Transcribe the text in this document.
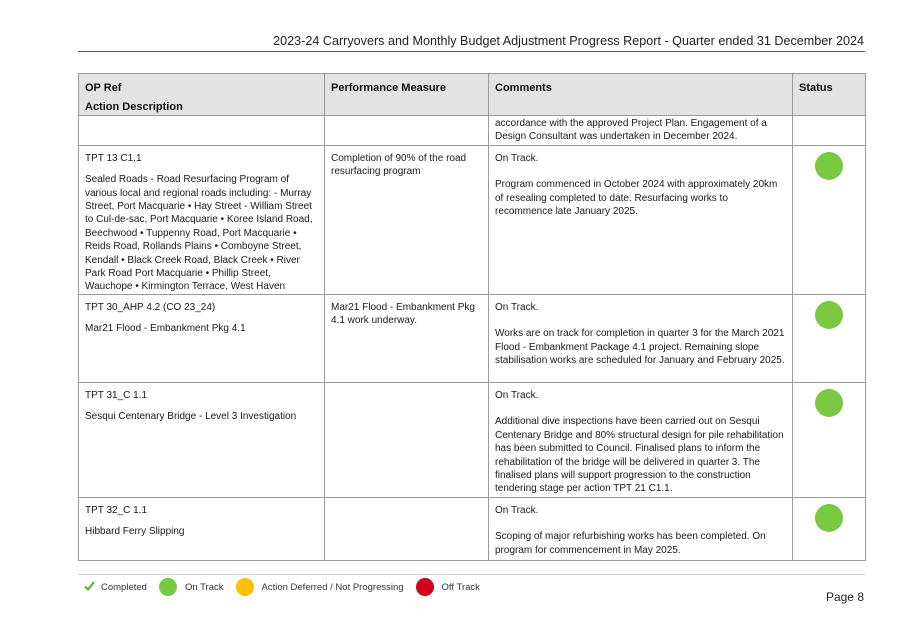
2023-24 Carryovers and Monthly Budget Adjustment Progress Report - Quarter ended 31 December 2024
OP Ref
Action Description	Performance Measure	Comments	Status
		accordance with the approved Project Plan. Engagement of a Design Consultant was undertaken in December 2024.	

TPT 13 C1.1
Sealed Roads - Road Resurfacing Program of various local and regional roads including: - Murray Street, Port Macquarie • Hay Street - William Street to Cul-de-sac, Port Macquarie • Koree Island Road, Beechwood • Tuppenny Road, Port Macquarie • Reids Road, Rollands Plains • Comboyne Street, Kendall • Black Creek Road, Black Creek • River Park Road Port Macquarie • Phillip Street, Wauchope • Kirmington Terrace, West Haven	Completion of 90% of the road resurfacing program	On Track.
Program commenced in October 2024 with approximately 20km of resealing completed to date. Resurfacing works to recommence late January 2025.	

TPT 30_AHP 4.2 (CO 23_24)
Mar21 Flood - Embankment Pkg 4.1	Mar21 Flood - Embankment Pkg 4.1 work underway.	On Track.
Works are on track for completion in quarter 3 for the March 2021 Flood - Embankment Package 4.1 project. Remaining slope stabilisation works are scheduled for January and February 2025.	

TPT 31_C 1.1
Sesqui Centenary Bridge - Level 3 Investigation		On Track.
Additional dive inspections have been carried out on Sesqui Centenary Bridge and 80% structural design for pile rehabilitation has been submitted to Council. Finalised plans to inform the rehabilitation of the bridge will be delivered in quarter 3. The finalised plans will support progression to the construction tendering stage per action TPT 21 C1.1.	

TPT 32_C 1.1
Hibbard Ferry Slipping		On Track.
Scoping of major refurbishing works has been completed. On program for commencement in May 2025.	

Completed	On Track	Action Deferred / Not Progressing	Off Track
Page 8
